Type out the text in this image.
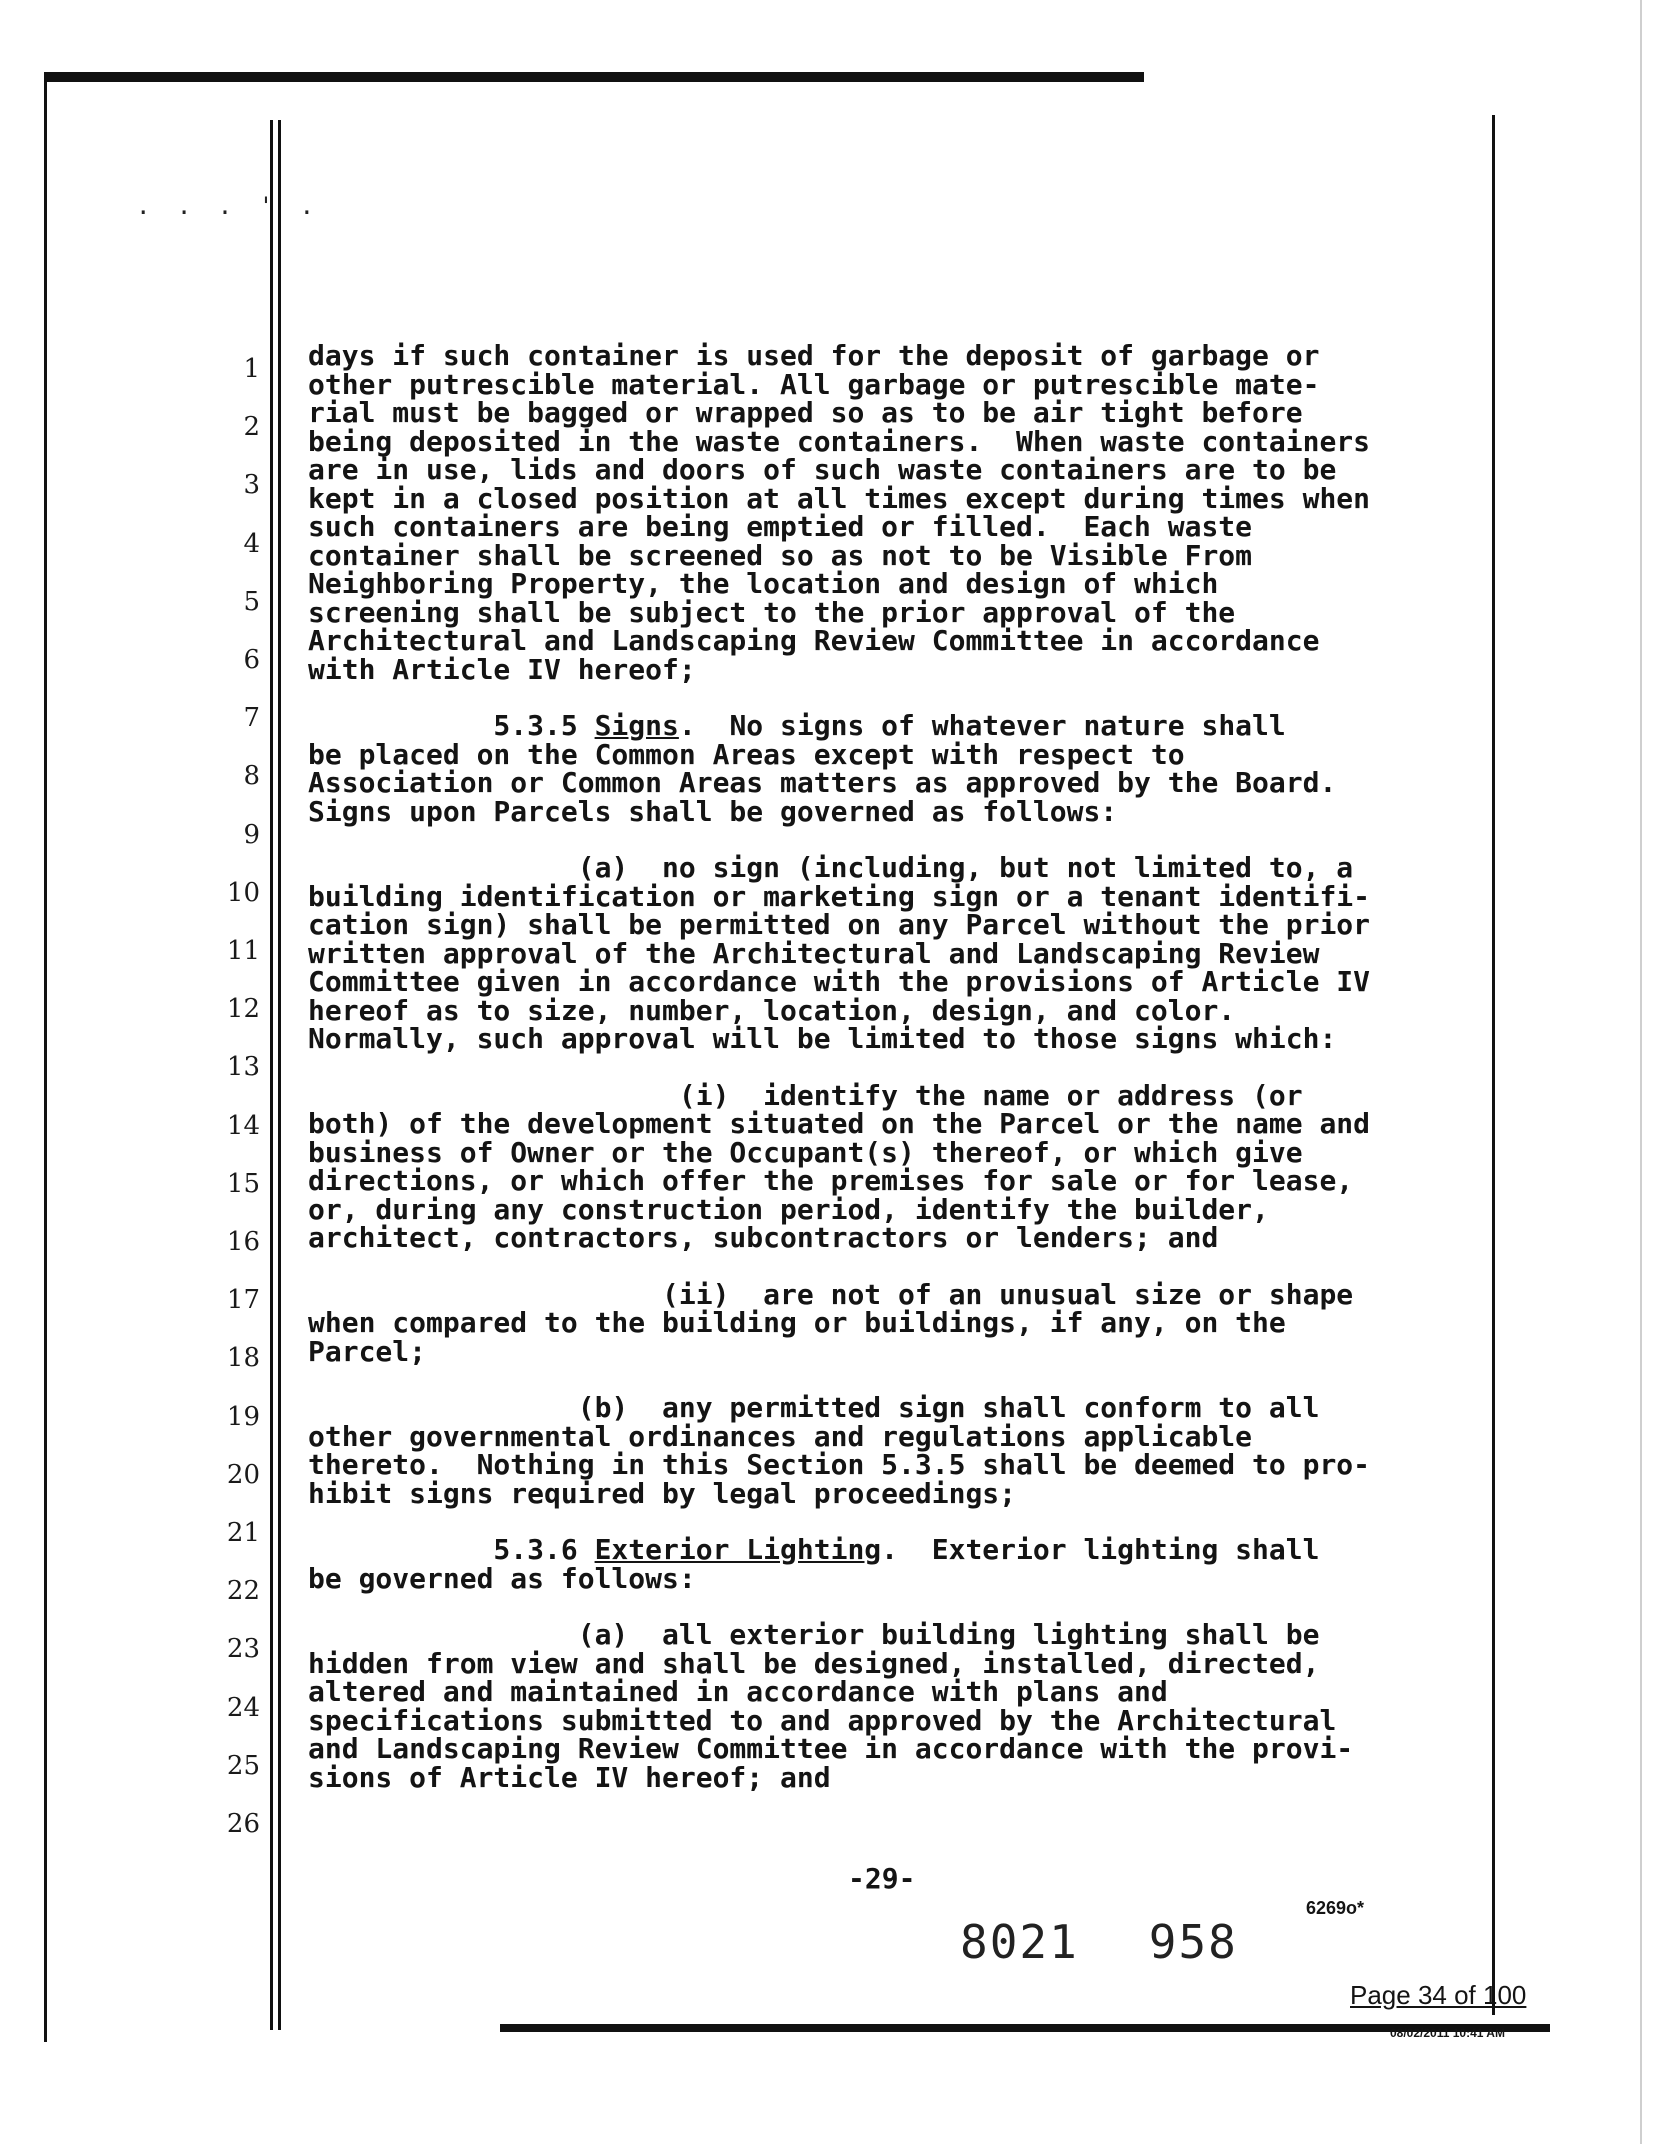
. . . ' .
1
2
3
4
5
6
7
8
9
10
11
12
13
14
15
16
17
18
19
20
21
22
23
24
25
26
days if such container is used for the deposit of garbage or
other putrescible material. All garbage or putrescible mate-
rial must be bagged or wrapped so as to be air tight before
being deposited in the waste containers.  When waste containers
are in use, lids and doors of such waste containers are to be
kept in a closed position at all times except during times when
such containers are being emptied or filled.  Each waste
container shall be screened so as not to be Visible From
Neighboring Property, the location and design of which
screening shall be subject to the prior approval of the
Architectural and Landscaping Review Committee in accordance
with Article IV hereof;
5.3.5 Signs.  No signs of whatever nature shall
be placed on the Common Areas except with respect to
Association or Common Areas matters as approved by the Board.
Signs upon Parcels shall be governed as follows:
(a)  no sign (including, but not limited to, a
building identification or marketing sign or a tenant identifi-
cation sign) shall be permitted on any Parcel without the prior
written approval of the Architectural and Landscaping Review
Committee given in accordance with the provisions of Article IV
hereof as to size, number, location, design, and color.
Normally, such approval will be limited to those signs which:
(i)  identify the name or address (or
both) of the development situated on the Parcel or the name and
business of Owner or the Occupant(s) thereof, or which give
directions, or which offer the premises for sale or for lease,
or, during any construction period, identify the builder,
architect, contractors, subcontractors or lenders; and
(ii)  are not of an unusual size or shape
when compared to the building or buildings, if any, on the
Parcel;
(b)  any permitted sign shall conform to all
other governmental ordinances and regulations applicable
thereto.  Nothing in this Section 5.3.5 shall be deemed to pro-
hibit signs required by legal proceedings;
5.3.6 Exterior Lighting.  Exterior lighting shall
be governed as follows:
(a)  all exterior building lighting shall be
hidden from view and shall be designed, installed, directed,
altered and maintained in accordance with plans and
specifications submitted to and approved by the Architectural
and Landscaping Review Committee in accordance with the provi-
sions of Article IV hereof; and
-29-
6269o*
8021 958
Page 34 of 100
08/02/2011 10:41 AM
